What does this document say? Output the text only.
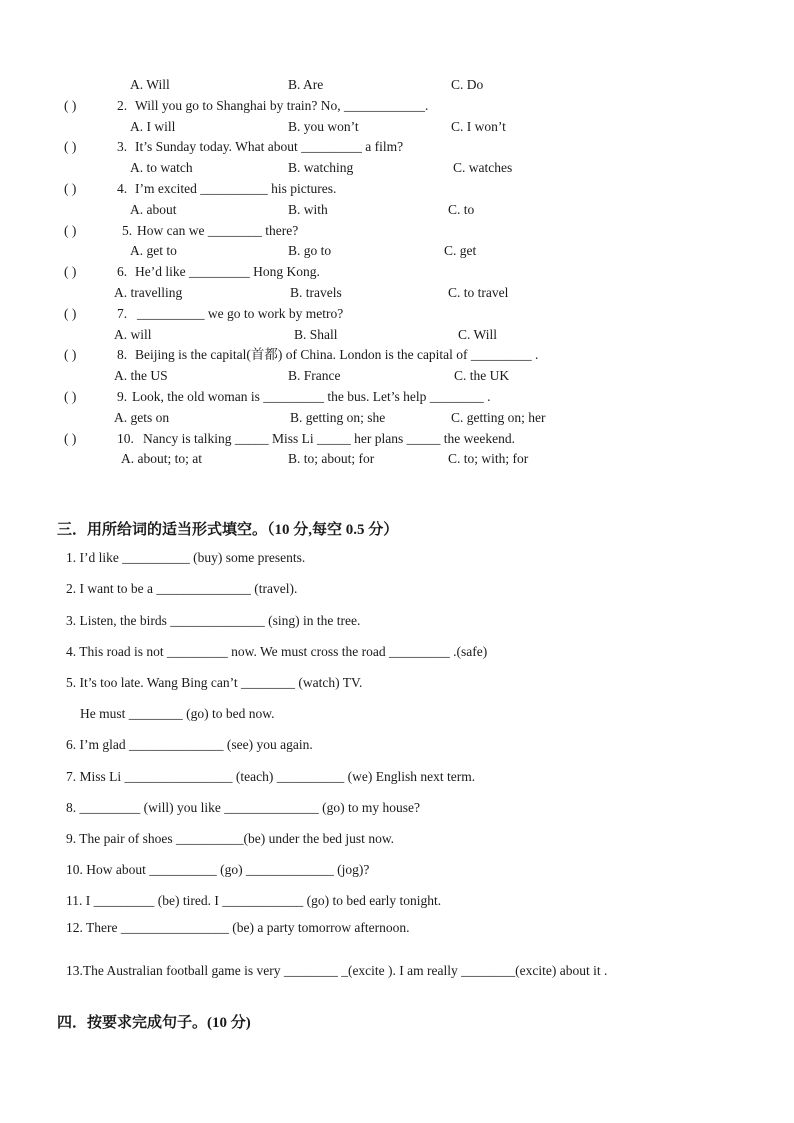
A. Will	B. Are	C. Do
( )	2. Will you go to Shanghai by train? No, ____________.
A. I will	B. you won’t	C. I won’t
( )	3. It’s Sunday today. What about _________ a film?
A. to watch	B. watching	C. watches
( )	4. I’m excited __________ his pictures.
A. about	B. with	C. to
( )	5. How can we ________ there?
A. get to	B. go to	C. get
( )	6. He’d like _________ Hong Kong.
A. travelling	B. travels	C. to travel
( )	7. __________ we go to work by metro?
A. will	B. Shall	C. Will
( )	8. Beijing is the capital(首都) of China. London is the capital of _________ .
A. the US	B. France	C. the UK
( )	9. Look, the old woman is _________ the bus. Let’s help ________ .
A. gets on	B. getting on; she	C. getting on; her
( )	10. Nancy is talking _____ Miss Li _____ her plans _____ the weekend.
A. about; to; at	B. to; about; for	C. to; with; for
三．用所给词的适当形式填空。（10 分,每空 0.5 分）
1. I’d like __________ (buy) some presents.
2. I want to be a ______________ (travel).
3. Listen, the birds ______________ (sing) in the tree.
4. This road is not _________ now. We must cross the road _________ .(safe)
5. It’s too late. Wang Bing can’t ________ (watch) TV.
He must ________ (go) to bed now.
6. I’m glad ______________ (see) you again.
7. Miss Li ________________ (teach) __________ (we) English next term.
8. _________ (will) you like ______________ (go) to my house?
9. The pair of shoes __________(be) under the bed just now.
10. How about __________ (go) _____________ (jog)?
11. I _________ (be) tired. I ____________ (go) to bed early tonight.
12. There ________________ (be) a party tomorrow afternoon.
13.The Australian football game is very ________ _(excite ). I am really ________(excite) about it .
四．按要求完成句子。(10 分)
